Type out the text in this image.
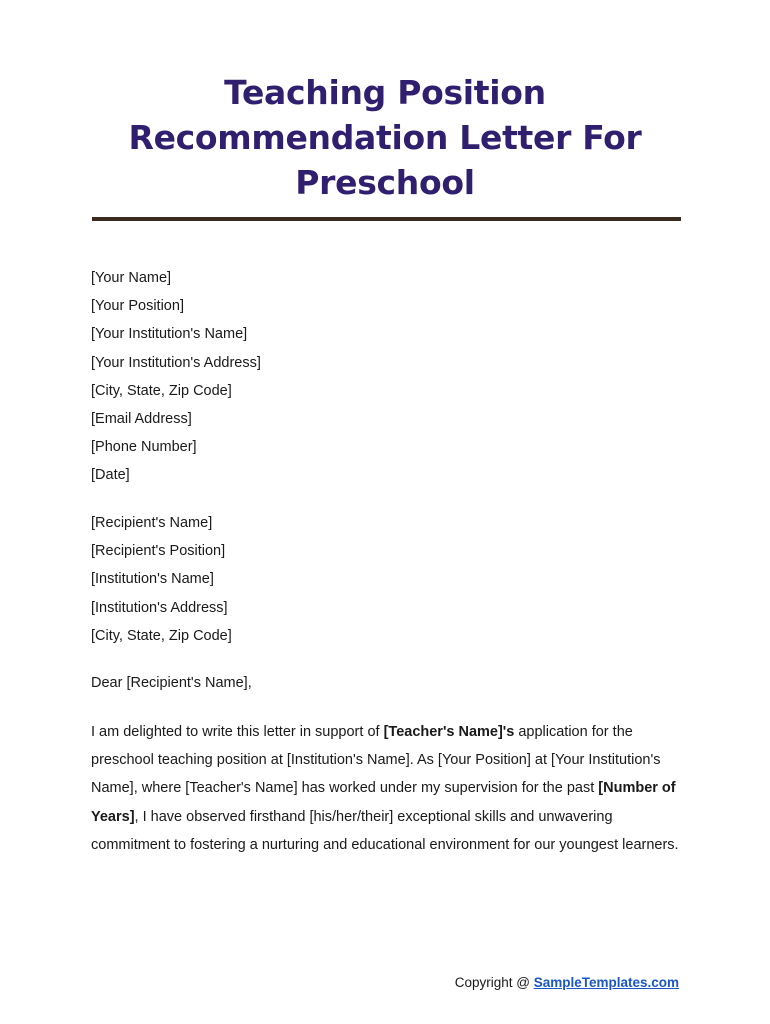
Teaching Position Recommendation Letter For Preschool
[Your Name]
[Your Position]
[Your Institution's Name]
[Your Institution's Address]
[City, State, Zip Code]
[Email Address]
[Phone Number]
[Date]
[Recipient's Name]
[Recipient's Position]
[Institution's Name]
[Institution's Address]
[City, State, Zip Code]
Dear [Recipient's Name],

I am delighted to write this letter in support of [Teacher's Name]'s application for the preschool teaching position at [Institution's Name]. As [Your Position] at [Your Institution's Name], where [Teacher's Name] has worked under my supervision for the past [Number of Years], I have observed firsthand [his/her/their] exceptional skills and unwavering commitment to fostering a nurturing and educational environment for our youngest learners.

Copyright @ SampleTemplates.com
